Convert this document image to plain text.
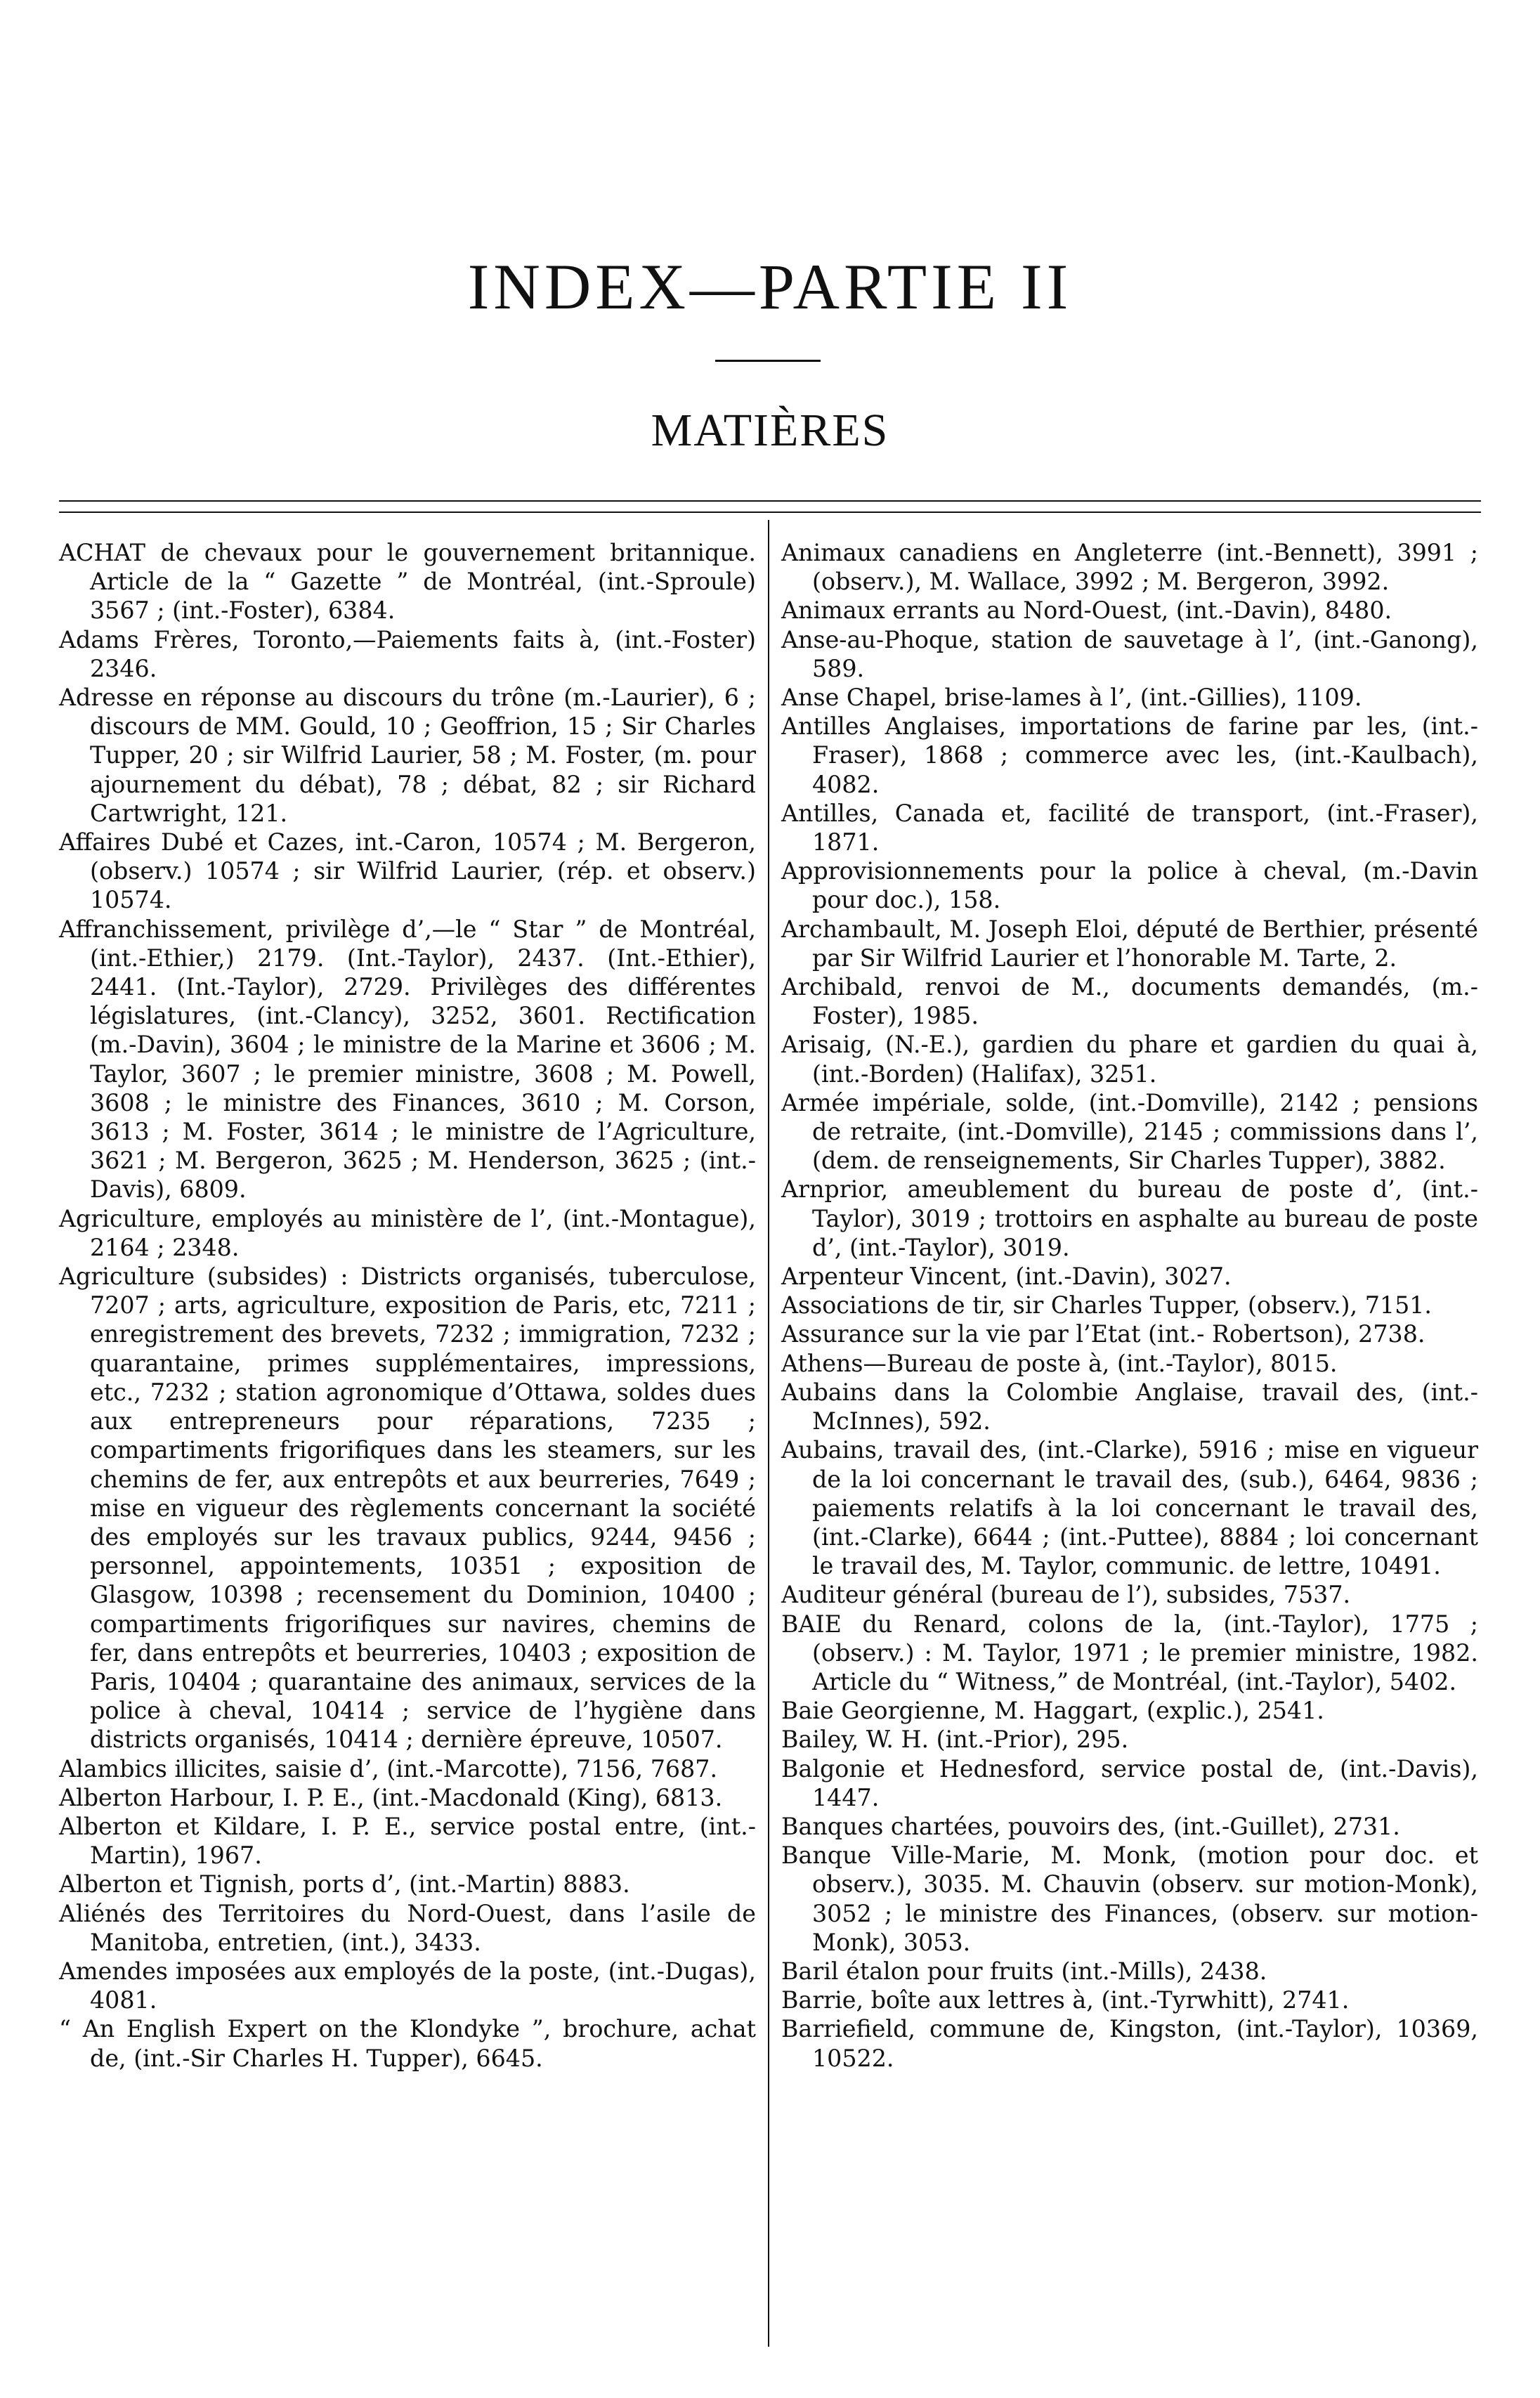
INDEX—PARTIE II
MATIÈRES

ACHAT de chevaux pour le gouvernement britannique. Article de la “ Gazette ” de Montréal, (int.-Sproule) 3567 ; (int.-Foster), 6384.

Adams Frères, Toronto,—Paiements faits à, (int.-Foster) 2346.

Adresse en réponse au discours du trône (m.-Laurier), 6 ; discours de MM. Gould, 10 ; Geoffrion, 15 ; Sir Charles Tupper, 20 ; sir Wilfrid Laurier, 58 ; M. Foster, (m. pour ajournement du débat), 78 ; débat, 82 ; sir Richard Cartwright, 121.

Affaires Dubé et Cazes, int.-Caron, 10574 ; M. Bergeron, (observ.) 10574 ; sir Wilfrid Laurier, (rép. et observ.) 10574.

Affranchissement, privilège d’,—le “ Star ” de Montréal, (int.-Ethier,) 2179. (Int.-Taylor), 2437. (Int.-Ethier), 2441. (Int.-Taylor), 2729. Privilèges des différentes législatures, (int.-Clancy), 3252, 3601. Rectification (m.-Davin), 3604 ; le ministre de la Marine et 3606 ; M. Taylor, 3607 ; le premier ministre, 3608 ; M. Powell, 3608 ; le ministre des Finances, 3610 ; M. Corson, 3613 ; M. Foster, 3614 ; le ministre de l’Agriculture, 3621 ; M. Bergeron, 3625 ; M. Henderson, 3625 ; (int.-Davis), 6809.

Agriculture, employés au ministère de l’, (int.-Montague), 2164 ; 2348.

Agriculture (subsides) : Districts organisés, tuberculose, 7207 ; arts, agriculture, exposition de Paris, etc, 7211 ; enregistrement des brevets, 7232 ; immigration, 7232 ; quarantaine, primes supplémentaires, impressions, etc., 7232 ; station agronomique d’Ottawa, soldes dues aux entrepreneurs pour réparations, 7235 ; compartiments frigorifiques dans les steamers, sur les chemins de fer, aux entrepôts et aux beurreries, 7649 ; mise en vigueur des règlements concernant la société des employés sur les travaux publics, 9244, 9456 ; personnel, appointements, 10351 ; exposition de Glasgow, 10398 ; recensement du Dominion, 10400 ; compartiments frigorifiques sur navires, chemins de fer, dans entrepôts et beurreries, 10403 ; exposition de Paris, 10404 ; quarantaine des animaux, services de la police à cheval, 10414 ; service de l’hygiène dans districts organisés, 10414 ; dernière épreuve, 10507.

Alambics illicites, saisie d’, (int.-Marcotte), 7156, 7687.

Alberton Harbour, I. P. E., (int.-Macdonald (King), 6813.

Alberton et Kildare, I. P. E., service postal entre, (int.-Martin), 1967.

Alberton et Tignish, ports d’, (int.-Martin) 8883.

Aliénés des Territoires du Nord-Ouest, dans l’asile de Manitoba, entretien, (int.), 3433.

Amendes imposées aux employés de la poste, (int.-Dugas), 4081.

“ An English Expert on the Klondyke ”, brochure, achat de, (int.-Sir Charles H. Tupper), 6645.

Animaux canadiens en Angleterre (int.-Bennett), 3991 ; (observ.), M. Wallace, 3992 ; M. Bergeron, 3992.

Animaux errants au Nord-Ouest, (int.-Davin), 8480.

Anse-au-Phoque, station de sauvetage à l’, (int.-Ganong), 589.

Anse Chapel, brise-lames à l’, (int.-Gillies), 1109.

Antilles Anglaises, importations de farine par les, (int.-Fraser), 1868 ; commerce avec les, (int.-Kaulbach), 4082.

Antilles, Canada et, facilité de transport, (int.-Fraser), 1871.

Approvisionnements pour la police à cheval, (m.-Davin pour doc.), 158.

Archambault, M. Joseph Eloi, député de Berthier, présenté par Sir Wilfrid Laurier et l’honorable M. Tarte, 2.

Archibald, renvoi de M., documents demandés, (m.-Foster), 1985.

Arisaig, (N.-E.), gardien du phare et gardien du quai à, (int.-Borden) (Halifax), 3251.

Armée impériale, solde, (int.-Domville), 2142 ; pensions de retraite, (int.-Domville), 2145 ; commissions dans l’, (dem. de renseignements, Sir Charles Tupper), 3882.

Arnprior, ameublement du bureau de poste d’, (int.-Taylor), 3019 ; trottoirs en asphalte au bureau de poste d’, (int.-Taylor), 3019.

Arpenteur Vincent, (int.-Davin), 3027.

Associations de tir, sir Charles Tupper, (observ.), 7151.

Assurance sur la vie par l’Etat (int.- Robertson), 2738.

Athens—Bureau de poste à, (int.-Taylor), 8015.

Aubains dans la Colombie Anglaise, travail des, (int.-McInnes), 592.

Aubains, travail des, (int.-Clarke), 5916 ; mise en vigueur de la loi concernant le travail des, (sub.), 6464, 9836 ; paiements relatifs à la loi concernant le travail des, (int.-Clarke), 6644 ; (int.-Puttee), 8884 ; loi concernant le travail des, M. Taylor, communic. de lettre, 10491.

Auditeur général (bureau de l’), subsides, 7537.

BAIE du Renard, colons de la, (int.-Taylor), 1775 ; (observ.) : M. Taylor, 1971 ; le premier ministre, 1982. Article du “ Witness,” de Montréal, (int.-Taylor), 5402.

Baie Georgienne, M. Haggart, (explic.), 2541.

Bailey, W. H. (int.-Prior), 295.

Balgonie et Hednesford, service postal de, (int.-Davis), 1447.

Banques chartées, pouvoirs des, (int.-Guillet), 2731.

Banque Ville-Marie, M. Monk, (motion pour doc. et observ.), 3035. M. Chauvin (observ. sur motion-Monk), 3052 ; le ministre des Finances, (observ. sur motion-Monk), 3053.

Baril étalon pour fruits (int.-Mills), 2438.

Barrie, boîte aux lettres à, (int.-Tyrwhitt), 2741.

Barriefield, commune de, Kingston, (int.-Taylor), 10369, 10522.
